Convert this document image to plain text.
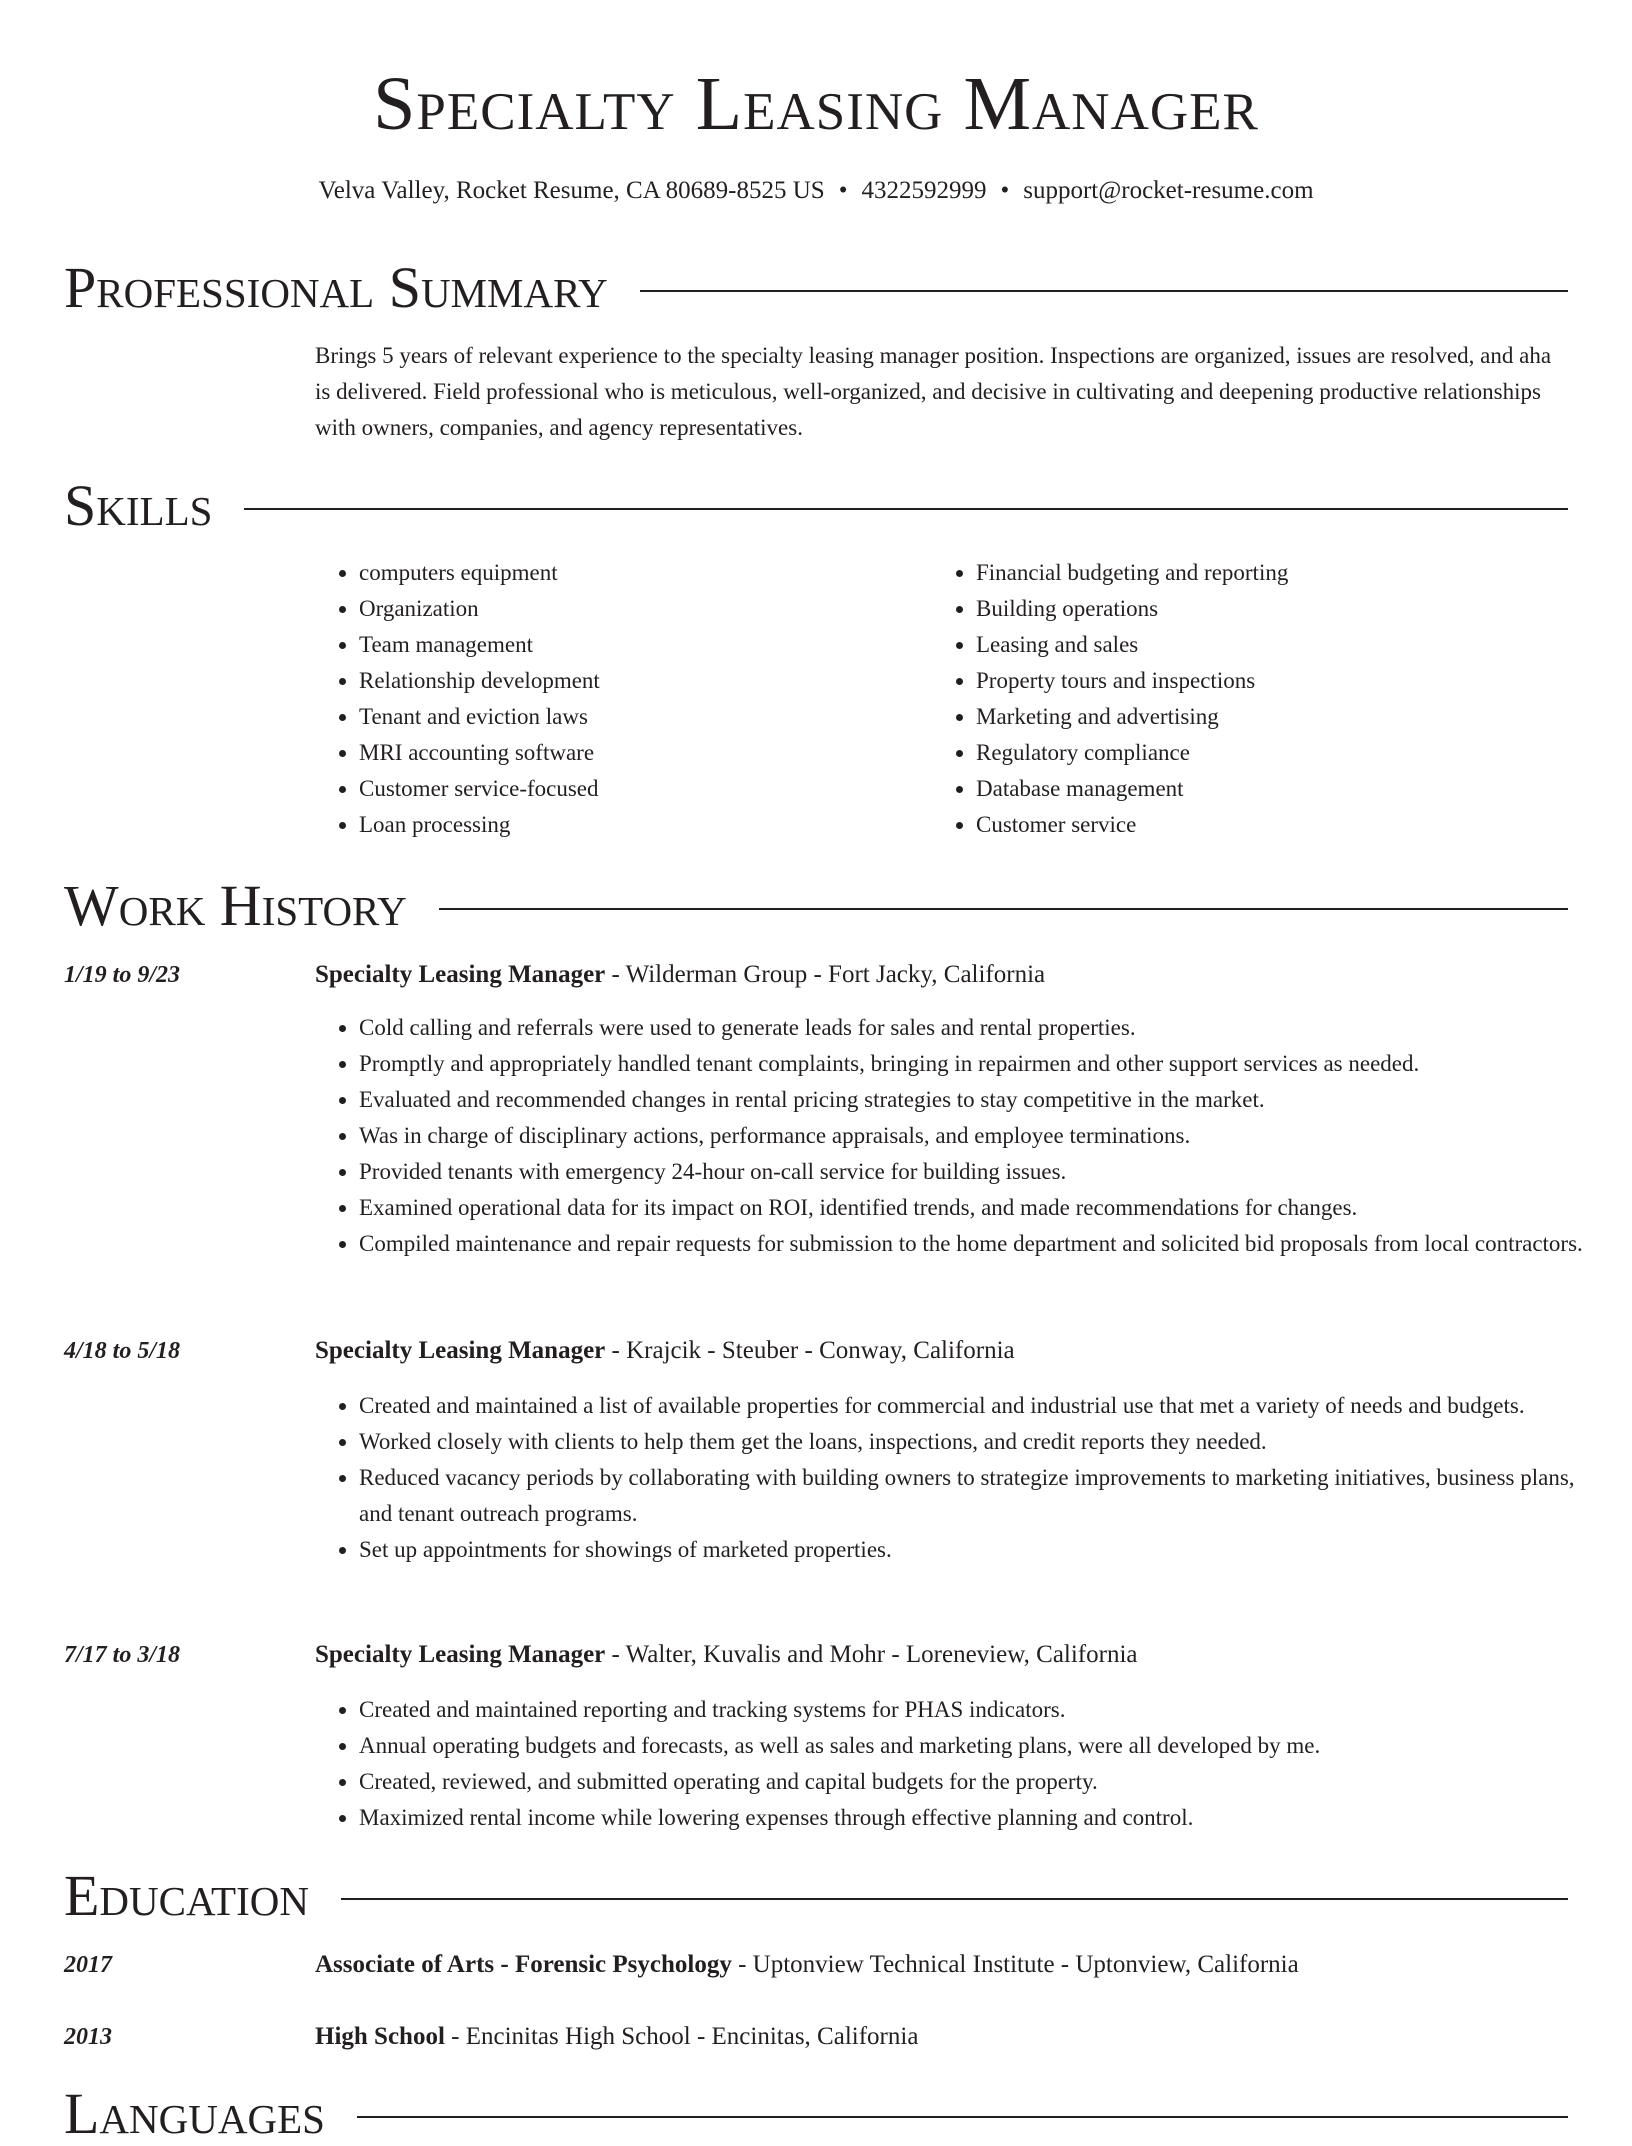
Specialty Leasing Manager
Velva Valley, Rocket Resume, CA 80689-8525 US • 4322592999 • support@rocket-resume.com
Professional Summary

Brings 5 years of relevant experience to the specialty leasing manager position. Inspections are organized, issues are resolved, and aha is delivered. Field professional who is meticulous, well-organized, and decisive in cultivating and deepening productive relationships with owners, companies, and agency representatives.

Skills
• computers equipment
• Organization
• Team management
• Relationship development
• Tenant and eviction laws
• MRI accounting software
• Customer service-focused
• Loan processing
• Financial budgeting and reporting
• Building operations
• Leasing and sales
• Property tours and inspections
• Marketing and advertising
• Regulatory compliance
• Database management
• Customer service
Work History
1/19 to 9/23	Specialty Leasing Manager - Wilderman Group - Fort Jacky, California
• Cold calling and referrals were used to generate leads for sales and rental properties.
• Promptly and appropriately handled tenant complaints, bringing in repairmen and other support services as needed.
• Evaluated and recommended changes in rental pricing strategies to stay competitive in the market.
• Was in charge of disciplinary actions, performance appraisals, and employee terminations.
• Provided tenants with emergency 24-hour on-call service for building issues.
• Examined operational data for its impact on ROI, identified trends, and made recommendations for changes.
• Compiled maintenance and repair requests for submission to the home department and solicited bid proposals from local contractors.
4/18 to 5/18	Specialty Leasing Manager - Krajcik - Steuber - Conway, California
• Created and maintained a list of available properties for commercial and industrial use that met a variety of needs and budgets.
• Worked closely with clients to help them get the loans, inspections, and credit reports they needed.
• Reduced vacancy periods by collaborating with building owners to strategize improvements to marketing initiatives, business plans, and tenant outreach programs.
• Set up appointments for showings of marketed properties.
7/17 to 3/18	Specialty Leasing Manager - Walter, Kuvalis and Mohr - Loreneview, California
• Created and maintained reporting and tracking systems for PHAS indicators.
• Annual operating budgets and forecasts, as well as sales and marketing plans, were all developed by me.
• Created, reviewed, and submitted operating and capital budgets for the property.
• Maximized rental income while lowering expenses through effective planning and control.
Education
2017	Associate of Arts - Forensic Psychology - Uptonview Technical Institute - Uptonview, California
2013	High School - Encinitas High School - Encinitas, California
Languages
